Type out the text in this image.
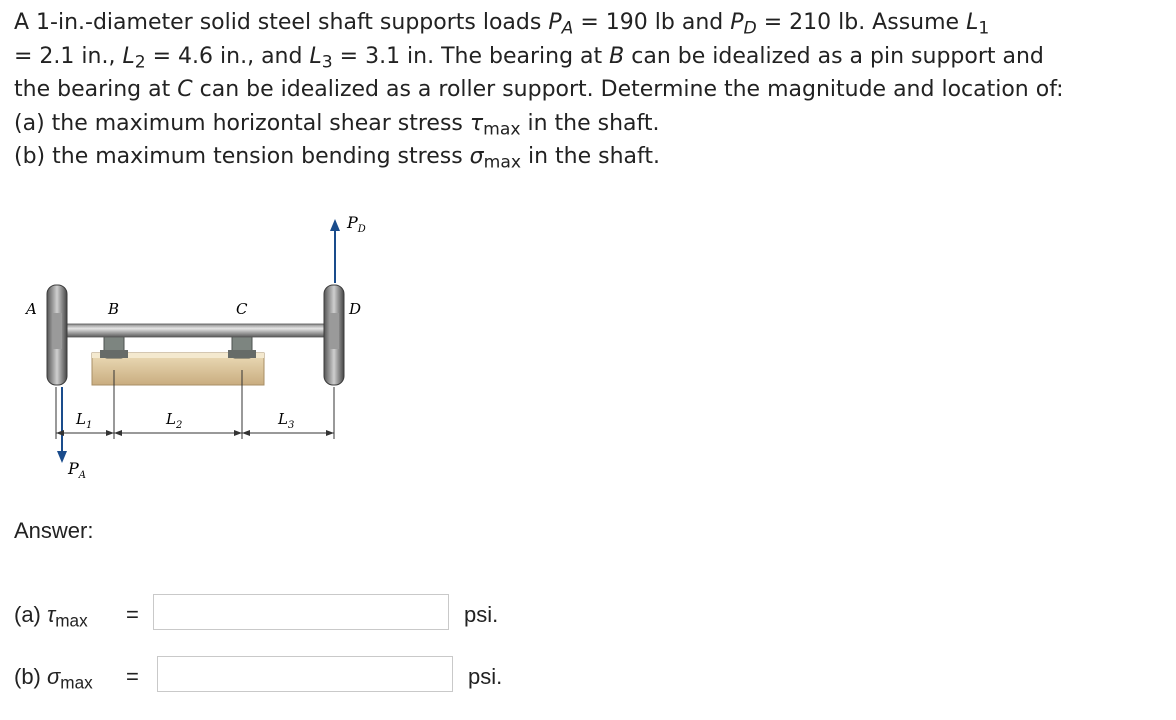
A 1-in.-diameter solid steel shaft supports loads $P_A = 190$ lb and $P_D = 210$ lb. Assume $L_1$

= 2.1 in., $L_2 = 4.6$ in., and $L_3 = 3.1$ in. The bearing at B can be idealized as a pin support and

the bearing at C can be idealized as a roller support. Determine the magnitude and location of:

(a) the maximum horizontal shear stress $\tau_{max}$ in the shaft.

(b) the maximum tension bending stress $\sigma_{max}$ in the shaft.

A	B	C	D
$P_D$
$P_A$
$L_1$	$L_2$	$L_3$
Answer:
(a) $\tau_{max}$ =	psi.
(b) $\sigma_{max}$ =	psi.
